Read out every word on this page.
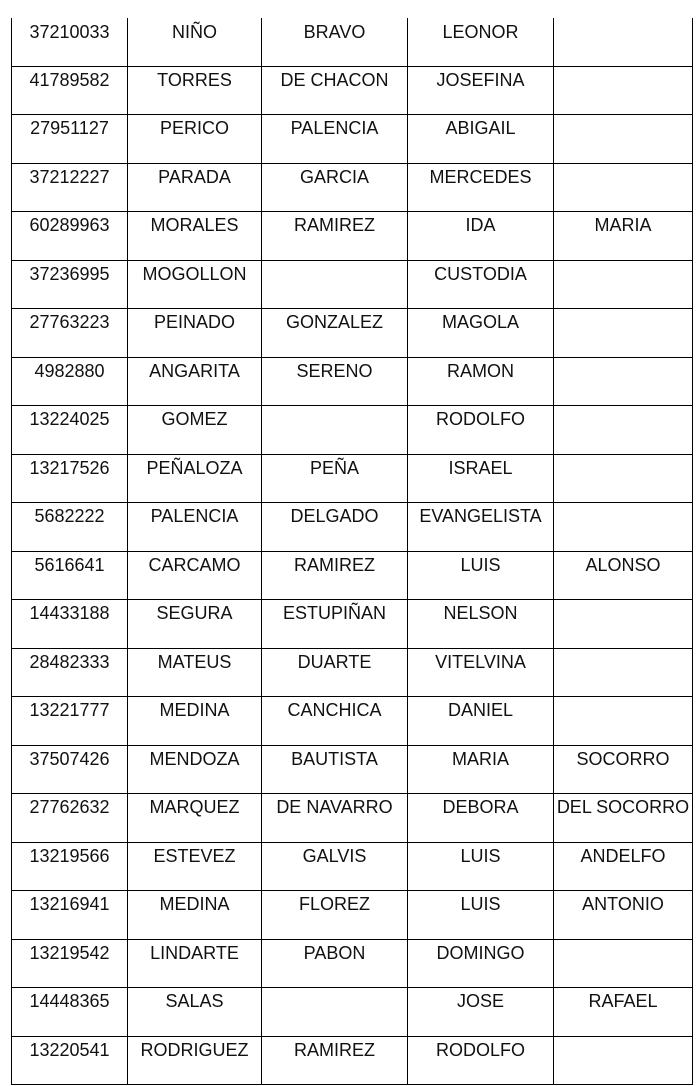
37210033	NIÑO	BRAVO	LEONOR	

41789582	TORRES	DE CHACON	JOSEFINA	

27951127	PERICO	PALENCIA	ABIGAIL	

37212227	PARADA	GARCIA	MERCEDES	

60289963	MORALES	RAMIREZ	IDA	MARIA

37236995	MOGOLLON		CUSTODIA	

27763223	PEINADO	GONZALEZ	MAGOLA	

4982880	ANGARITA	SERENO	RAMON	

13224025	GOMEZ		RODOLFO	

13217526	PEÑALOZA	PEÑA	ISRAEL	

5682222	PALENCIA	DELGADO	EVANGELISTA	

5616641	CARCAMO	RAMIREZ	LUIS	ALONSO

14433188	SEGURA	ESTUPIÑAN	NELSON	

28482333	MATEUS	DUARTE	VITELVINA	

13221777	MEDINA	CANCHICA	DANIEL	

37507426	MENDOZA	BAUTISTA	MARIA	SOCORRO

27762632	MARQUEZ	DE NAVARRO	DEBORA	DEL SOCORRO

13219566	ESTEVEZ	GALVIS	LUIS	ANDELFO

13216941	MEDINA	FLOREZ	LUIS	ANTONIO

13219542	LINDARTE	PABON	DOMINGO	

14448365	SALAS		JOSE	RAFAEL

13220541	RODRIGUEZ	RAMIREZ	RODOLFO	
